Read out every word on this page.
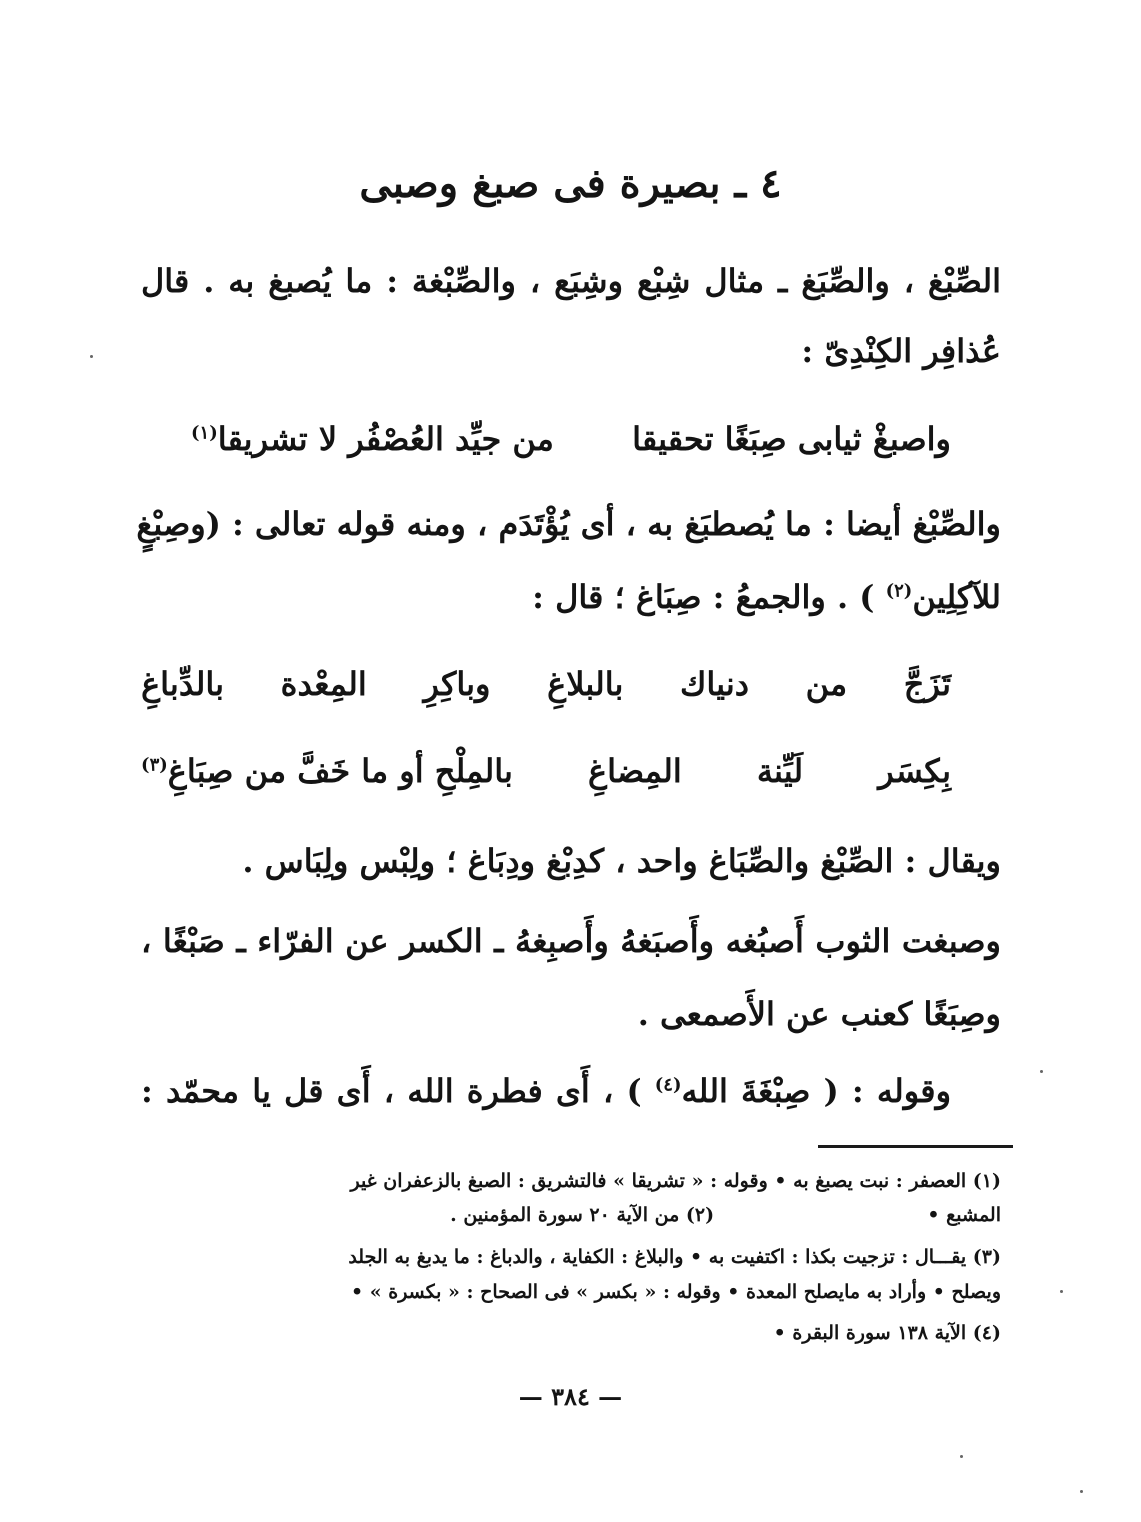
٤ ـ بصيرة فى صبغ وصبى
الصِّبْغ ، والصِّبَغ ـ مثال شِبْع وشِبَع ، والصِّبْغة : ما يُصبغ به . قال
عُذافِر الكِنْدِىّ :
واصبغْ ثيابى صِبَغًا تحقيقا
من جيِّد العُصْفُر لا تشريقا$^{(١)}$
والصِّبْغ أيضا : ما يُصطبَغ به ، أى يُؤْتَدَم ، ومنه قوله تعالى : (وصِبْغٍ
للآكِلِين$^{(٢)}$ ) . والجمعُ : صِبَاغ ؛ قال :
تَزَجَّ
من
دنياك
بالبلاغِ
وباكِرِ
المِعْدة
بالدِّباغِ
بِكِسَر
لَيِّنة
المِضاغِ
بالمِلْحِ أو ما خَفَّ من صِبَاغِ$^{(٣)}$
ويقال : الصِّبْغ والصِّبَاغ واحد ، كدِبْغ ودِبَاغ ؛ ولِبْس ولِبَاس .
وصبغت الثوب أَصبُغه وأَصبَغهُ وأَصبِغهُ ـ الكسر عن الفرّاء ـ صَبْغًا ،
وصِبَغًا كعنب عن الأَصمعى .
وقوله : ( صِبْغَةَ الله$^{(٤)}$ ) ، أَى فطرة الله ، أَى قل يا محمّد :
(١) العصفر : نبت يصبغ به • وقوله : « تشريقا » فالتشريق : الصبغ بالزعفران غير
المشبع •  (٢) من الآية ٢٠ سورة المؤمنين .
(٣) يقـــال : تزجيت بكذا : اكتفيت به • والبلاغ : الكفاية ، والدباغ : ما يدبغ به الجلد
ويصلح • وأراد به مايصلح المعدة • وقوله : « بكسر » فى الصحاح : « بكسرة » •
(٤) الآية ١٣٨ سورة البقرة •
— ٣٨٤ —
